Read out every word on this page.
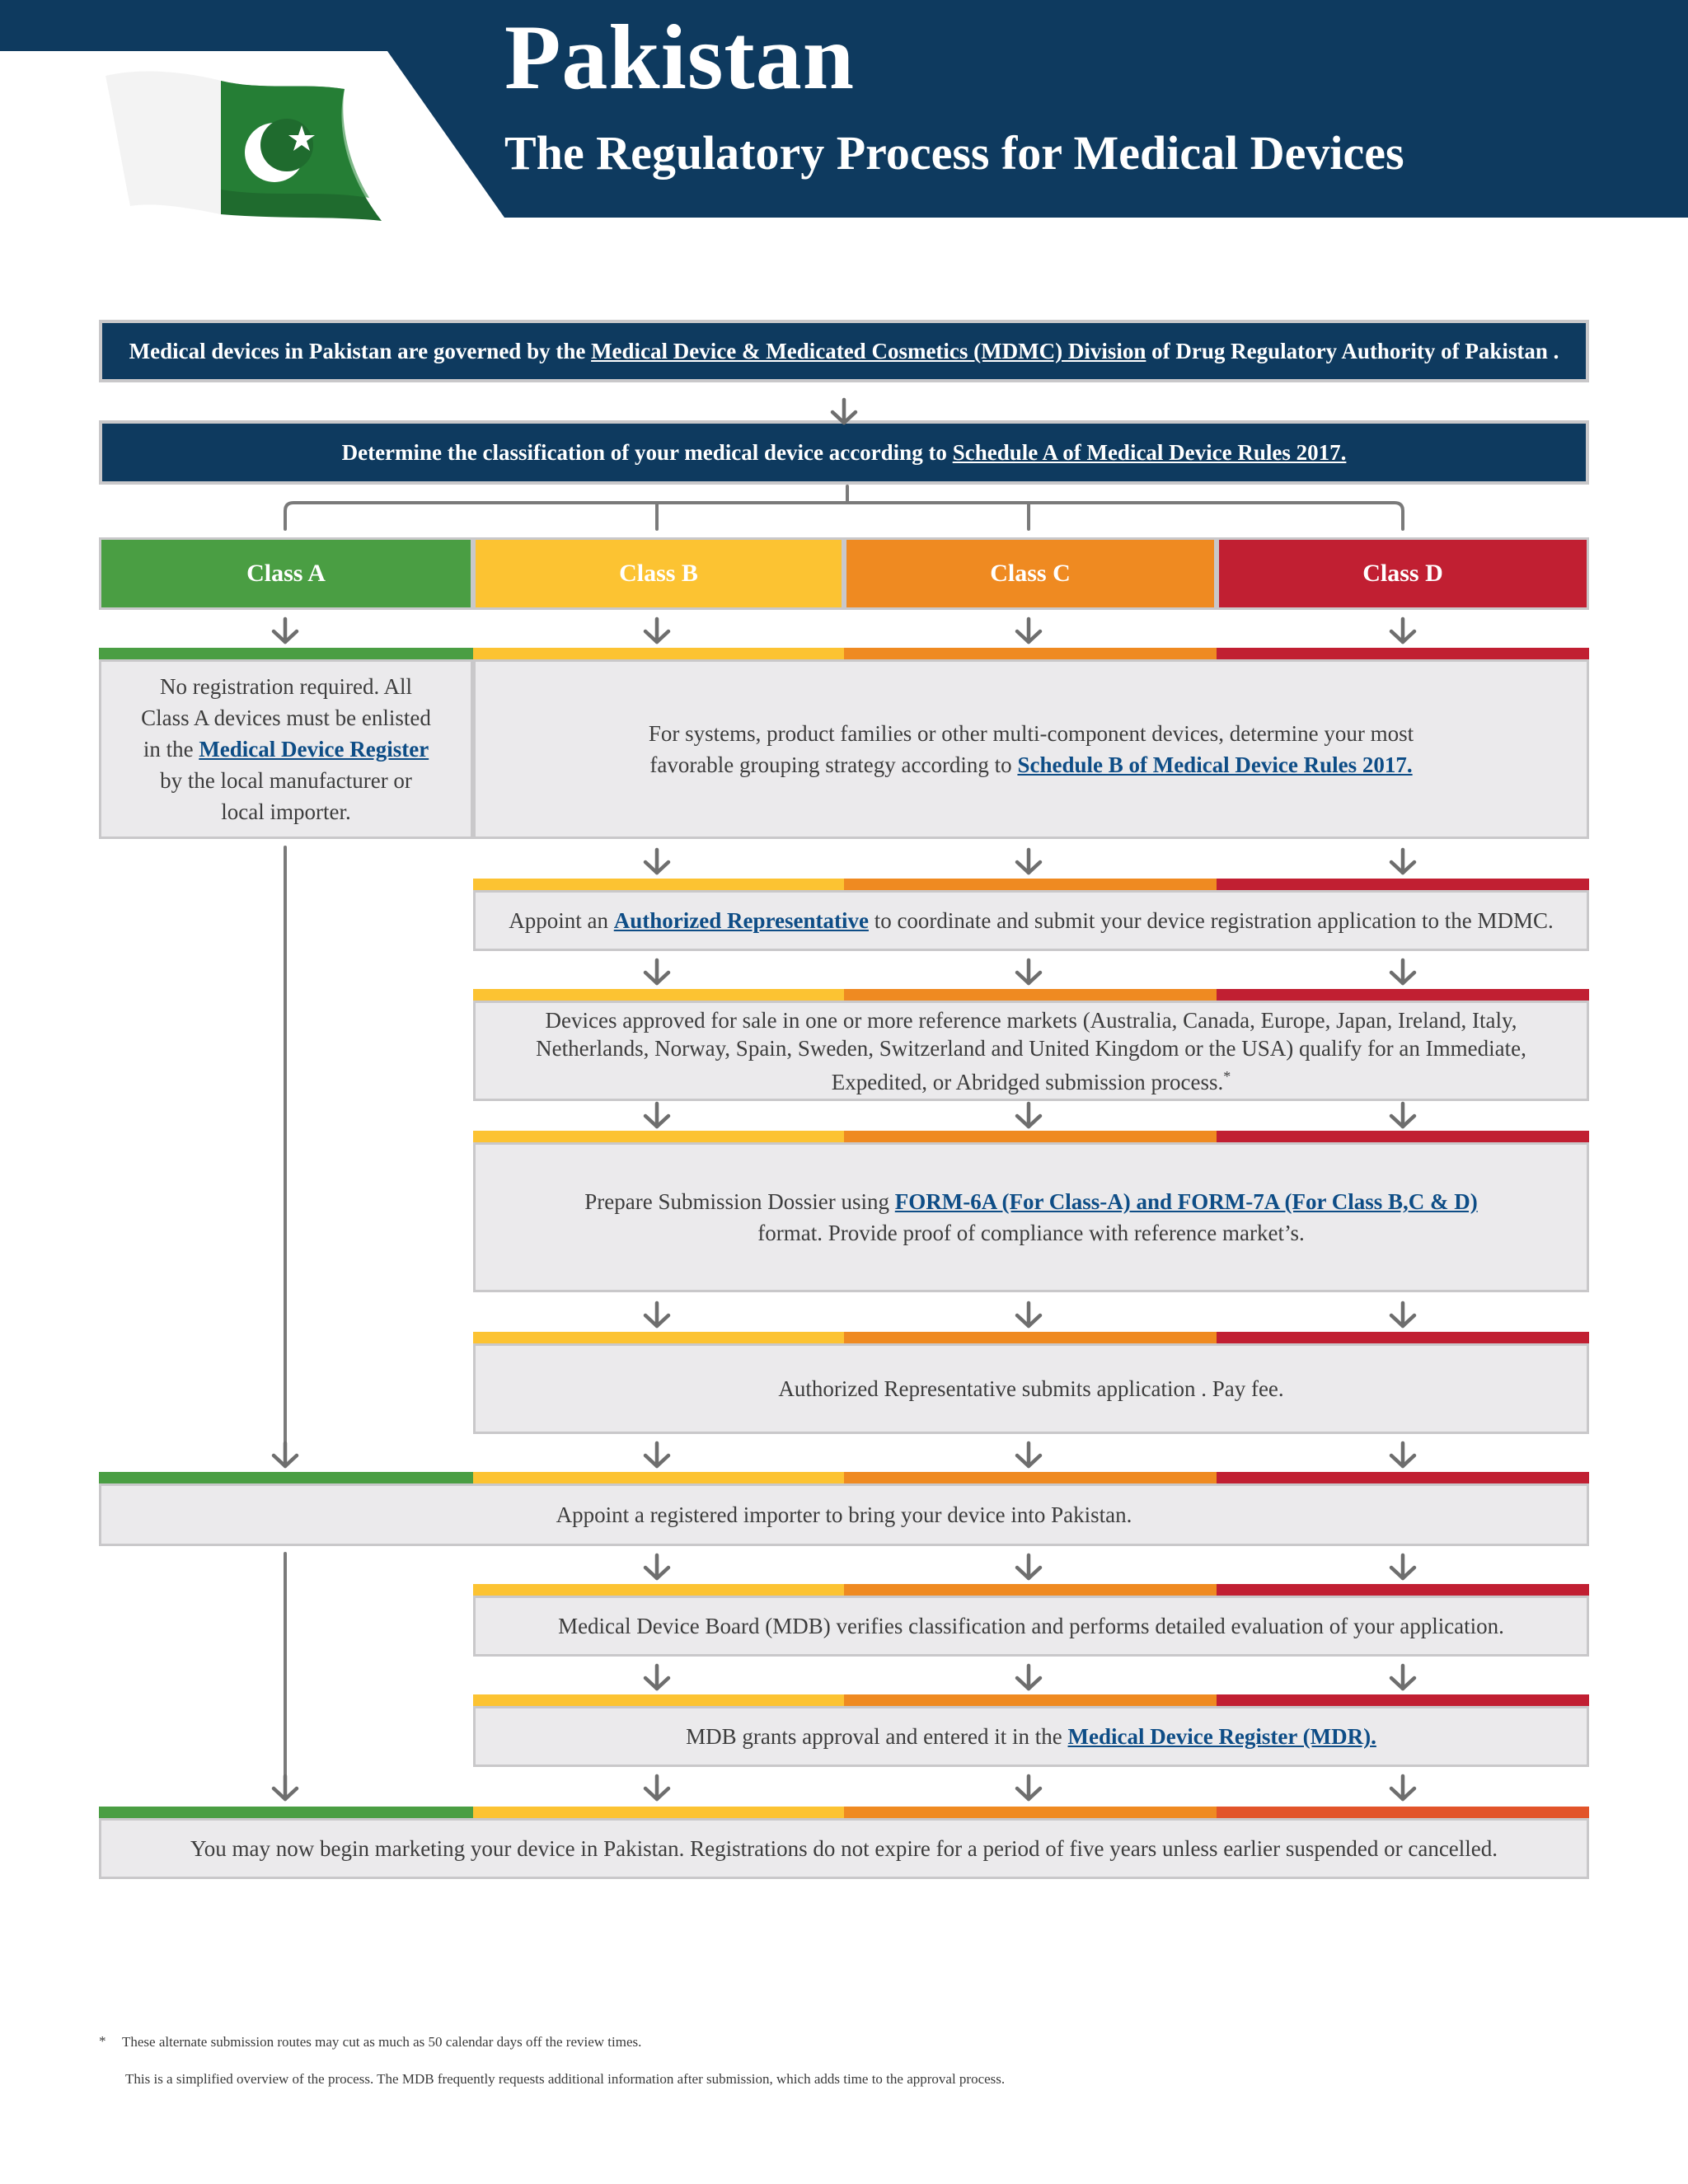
Pakistan
The Regulatory Process for Medical Devices
Medical devices in Pakistan are governed by the Medical Device & Medicated Cosmetics (MDMC) Division of Drug Regulatory Authority of Pakistan .
Determine the classification of your medical device according to Schedule A of Medical Device Rules 2017.
Class A	Class B	Class C	Class D
No registration required. All
Class A devices must be enlisted
in the Medical Device Register
by the local manufacturer or
local importer.
For systems, product families or other multi-component devices, determine your most
favorable grouping strategy according to Schedule B of Medical Device Rules 2017.
Appoint an Authorized Representative to coordinate and submit your device registration application to the MDMC.
Devices approved for sale in one or more reference markets (Australia, Canada, Europe, Japan, Ireland, Italy,
Netherlands, Norway, Spain, Sweden, Switzerland and United Kingdom or the USA) qualify for an Immediate,
Expedited, or Abridged submission process.*
Prepare Submission Dossier using FORM-6A (For Class-A) and FORM-7A (For Class B,C & D)
format. Provide proof of compliance with reference market’s.
Authorized Representative submits application . Pay fee.
Appoint a registered importer to bring your device into Pakistan.
Medical Device Board (MDB) verifies classification and performs detailed evaluation of your application.
MDB grants approval and entered it in the Medical Device Register (MDR).
You may now begin marketing your device in Pakistan. Registrations do not expire for a period of five years unless earlier suspended or cancelled.
* These alternate submission routes may cut as much as 50 calendar days off the review times.
This is a simplified overview of the process. The MDB frequently requests additional information after submission, which adds time to the approval process.
